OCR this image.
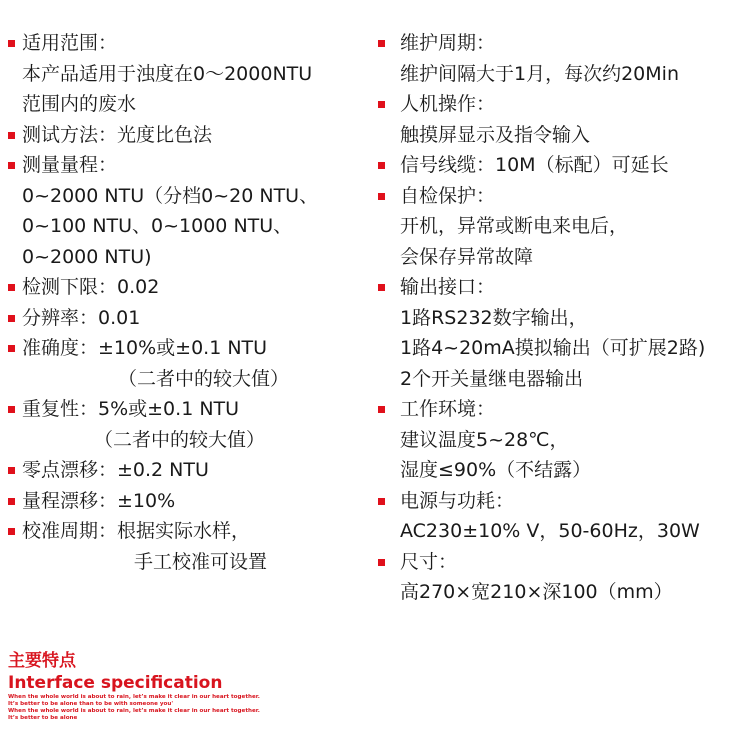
适用范围：
本产品适用于浊度在0～2000NTU
范围内的废水
测试方法：光度比色法
测量量程：
0~2000 NTU（分档0~20 NTU、
0~100 NTU、0~1000 NTU、
0~2000 NTU)
检测下限：0.02
分辨率：0.01
准确度：±10%或±0.1 NTU
（二者中的较大值）
重复性：5%或±0.1 NTU
（二者中的较大值）
零点漂移：±0.2 NTU
量程漂移：±10%
校准周期：根据实际水样，
手工校准可设置
维护周期：
维护间隔大于1月，每次约20Min
人机操作：
触摸屏显示及指令输入
信号线缆：10M（标配）可延长
自检保护：
开机，异常或断电来电后，
会保存异常故障
输出接口：
1路RS232数字输出，
1路4~20mA摸拟输出（可扩展2路)
2个开关量继电器输出
工作环境：
建议温度5~28℃，
湿度≤90%（不结露）
电源与功耗：
AC230±10% V，50-60Hz，30W
尺寸：
高270×宽210×深100（mm）
主要特点
Interface specification
When the whole world is about to rain, let’s make it clear in our heart together.
It’s better to be alone than to be with someone you'
When the whole world is about to rain, let’s make it clear in our heart together.
It’s better to be alone
